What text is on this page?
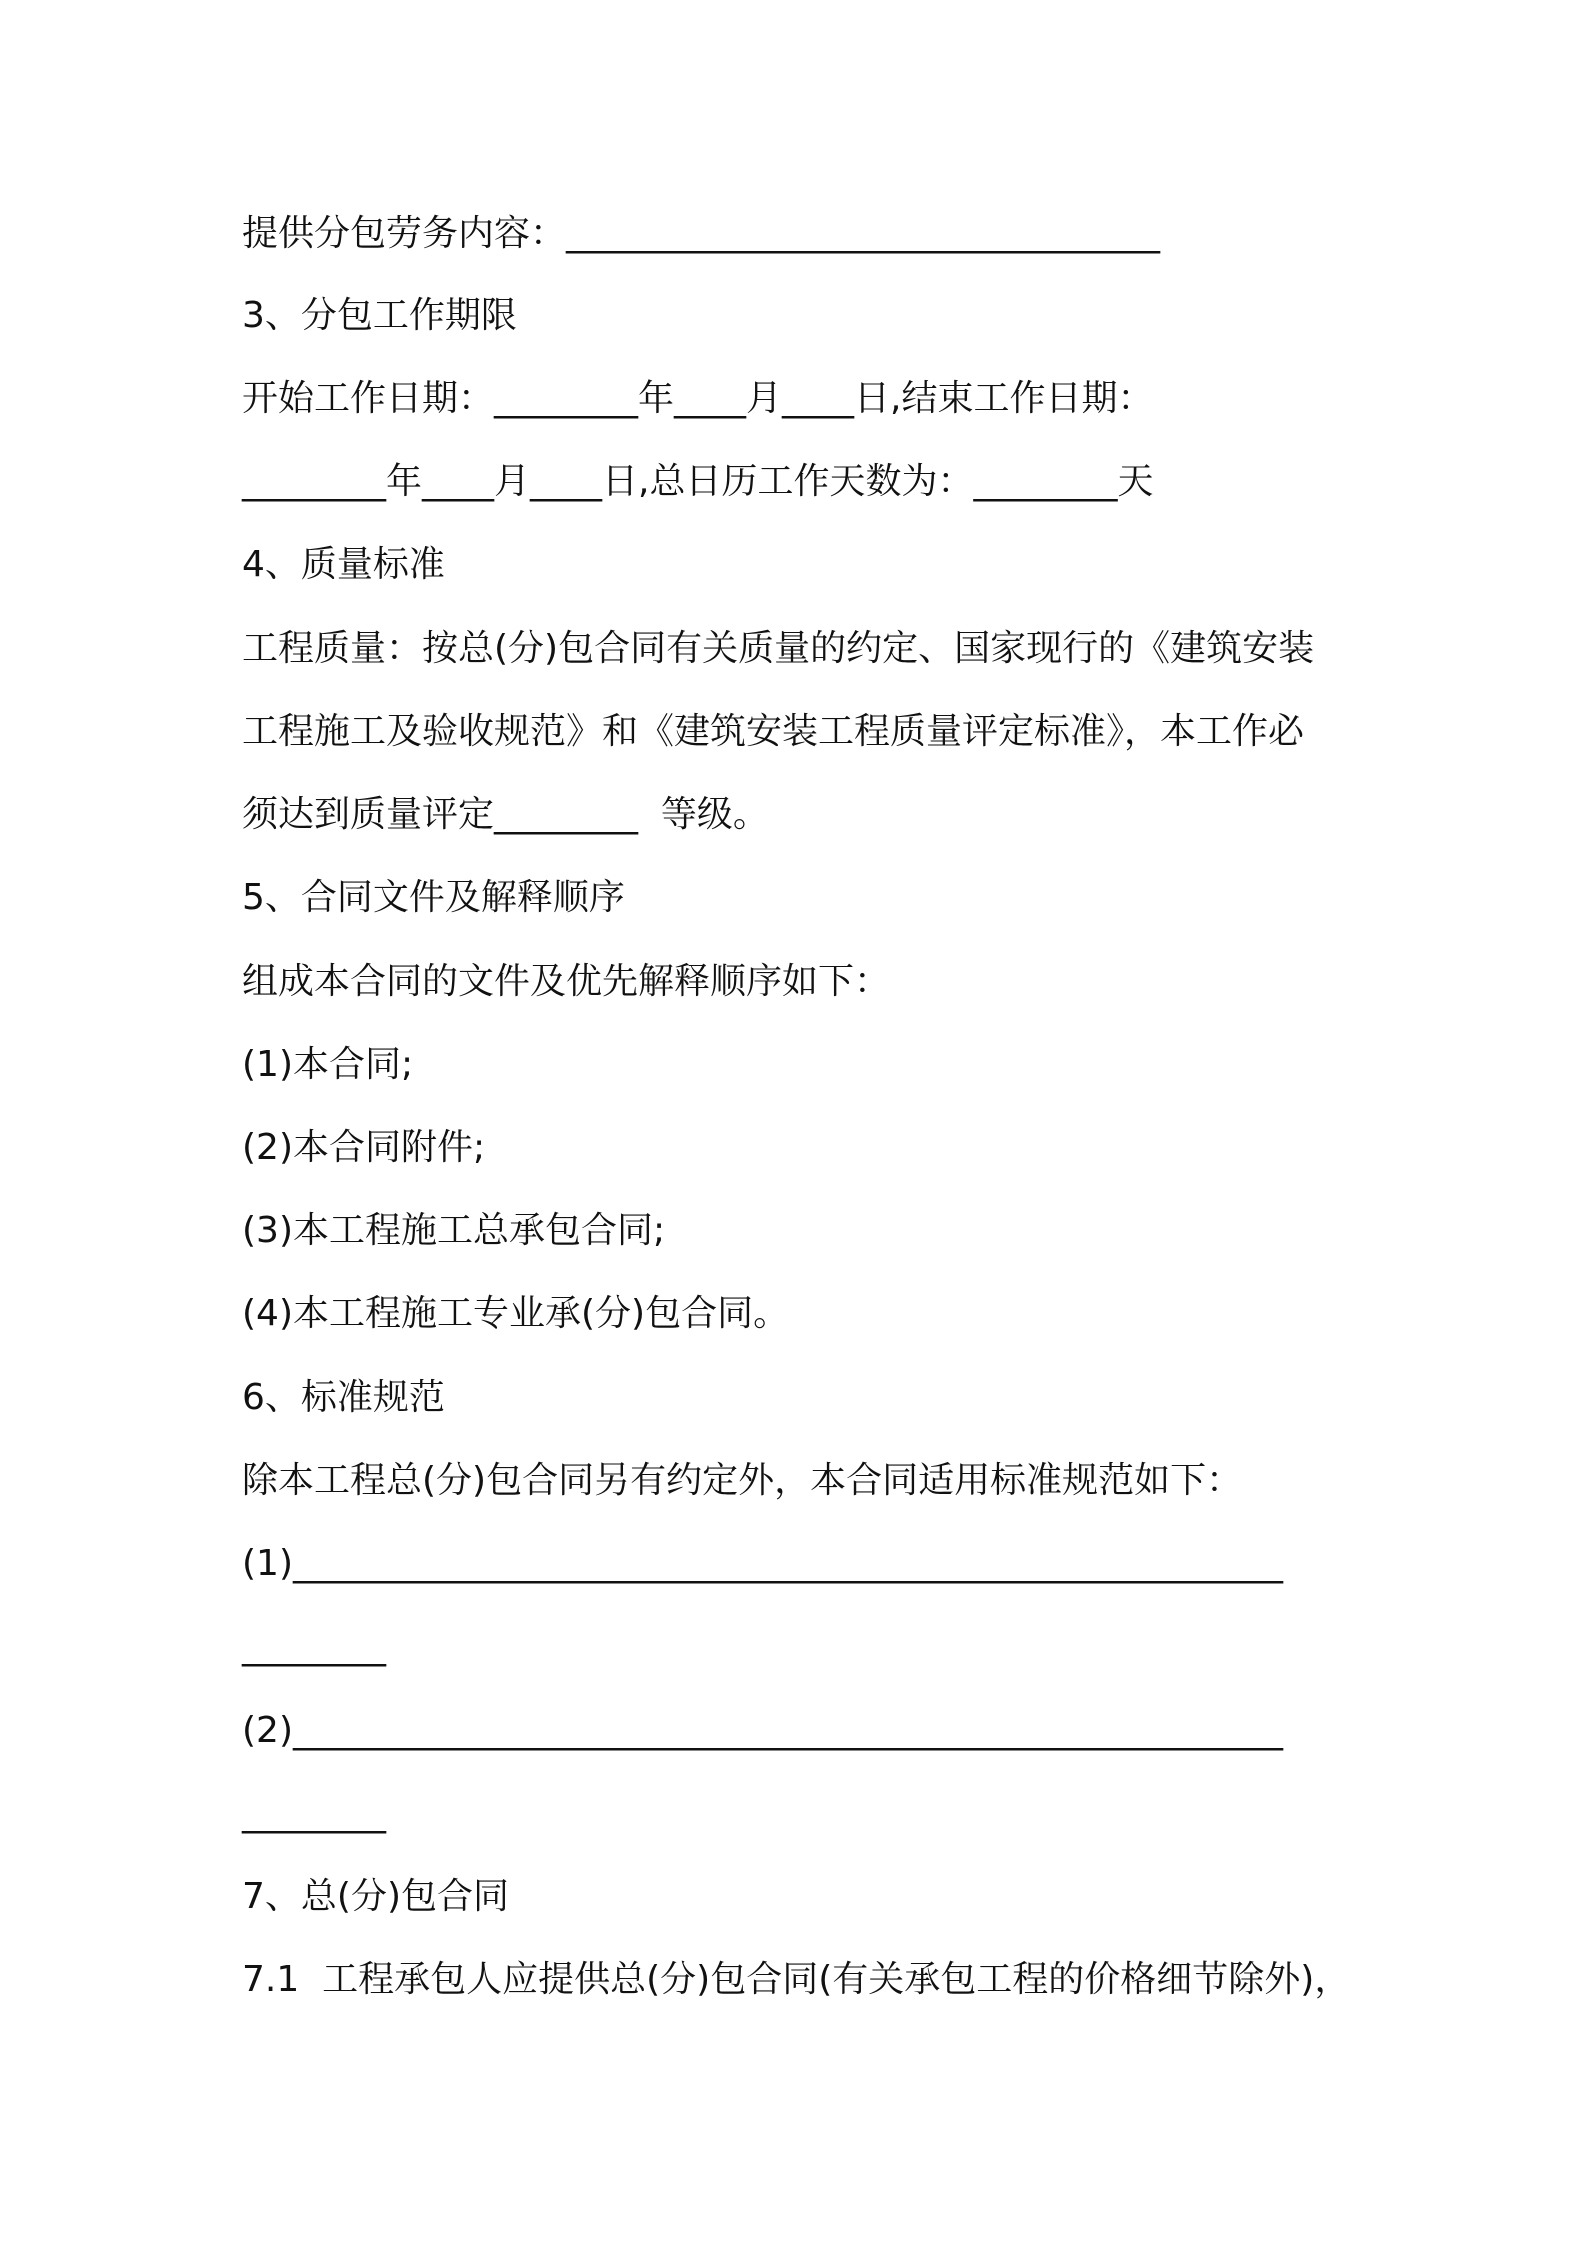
提供分包劳务内容：_________________________________
3、分包工作期限
开始工作日期：________年____月____日,结束工作日期：
________年____月____日,总日历工作天数为：________天
4、质量标准
工程质量：按总(分)包合同有关质量的约定、国家现行的《建筑安装
工程施工及验收规范》和《建筑安装工程质量评定标准》，本工作必
须达到质量评定________  等级。
5、合同文件及解释顺序
组成本合同的文件及优先解释顺序如下：
(1)本合同;
(2)本合同附件;
(3)本工程施工总承包合同;
(4)本工程施工专业承(分)包合同。
6、标准规范
除本工程总(分)包合同另有约定外，本合同适用标准规范如下：
(1)_______________________________________________________
________
(2)_______________________________________________________
________
7、总(分)包合同
7.1  工程承包人应提供总(分)包合同(有关承包工程的价格细节除外)，
